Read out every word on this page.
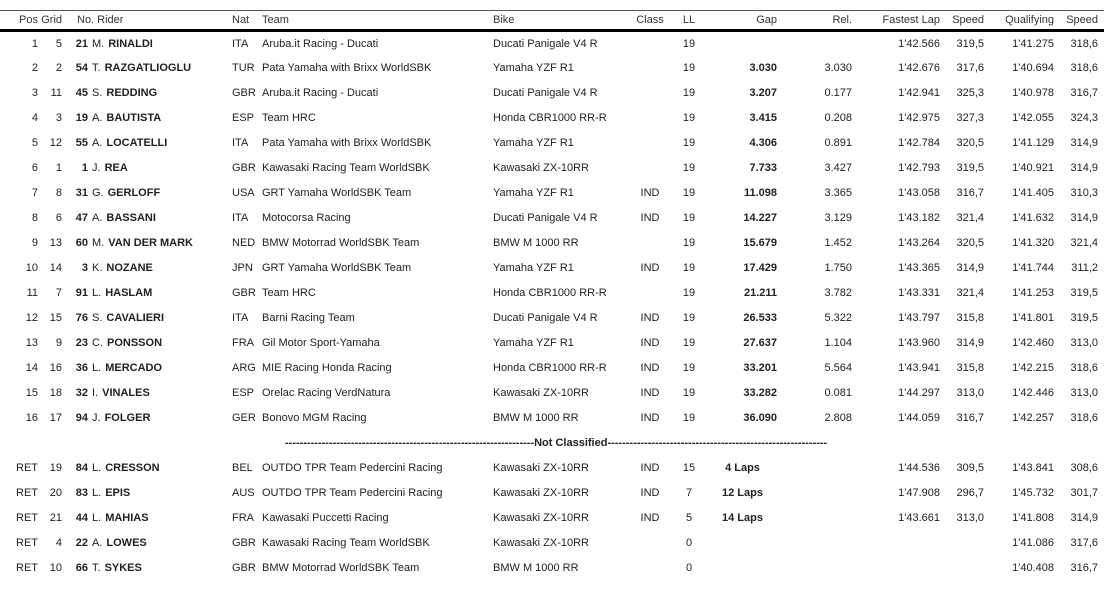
Pos	Grid	No. Rider	Nat	Team	Bike	Class	LL	Gap	Rel.	Fastest Lap	Speed	Qualifying	Speed
1	5	21 M. RINALDI	ITA	Aruba.it Racing - Ducati	Ducati Panigale V4 R		19			1'42.566	319,5	1'41.275	318,6
2	2	54 T. RAZGATLIOGLU	TUR	Pata Yamaha with Brixx WorldSBK	Yamaha YZF R1		19	3.030	3.030	1'42.676	317,6	1'40.694	318,6
3	11	45 S. REDDING	GBR	Aruba.it Racing - Ducati	Ducati Panigale V4 R		19	3.207	0.177	1'42.941	325,3	1'40.978	316,7
4	3	19 A. BAUTISTA	ESP	Team HRC	Honda CBR1000 RR-R		19	3.415	0.208	1'42.975	327,3	1'42.055	324,3
5	12	55 A. LOCATELLI	ITA	Pata Yamaha with Brixx WorldSBK	Yamaha YZF R1		19	4.306	0.891	1'42.784	320,5	1'41.129	314,9
6	1	1 J. REA	GBR	Kawasaki Racing Team WorldSBK	Kawasaki ZX-10RR		19	7.733	3.427	1'42.793	319,5	1'40.921	314,9
7	8	31 G. GERLOFF	USA	GRT Yamaha WorldSBK Team	Yamaha YZF R1	IND	19	11.098	3.365	1'43.058	316,7	1'41.405	310,3
8	6	47 A. BASSANI	ITA	Motocorsa Racing	Ducati Panigale V4 R	IND	19	14.227	3.129	1'43.182	321,4	1'41.632	314,9
9	13	60 M. VAN DER MARK	NED	BMW Motorrad WorldSBK Team	BMW M 1000 RR		19	15.679	1.452	1'43.264	320,5	1'41.320	321,4
10	14	3 K. NOZANE	JPN	GRT Yamaha WorldSBK Team	Yamaha YZF R1	IND	19	17.429	1.750	1'43.365	314,9	1'41.744	311,2
11	7	91 L. HASLAM	GBR	Team HRC	Honda CBR1000 RR-R		19	21.211	3.782	1'43.331	321,4	1'41.253	319,5
12	15	76 S. CAVALIERI	ITA	Barni Racing Team	Ducati Panigale V4 R	IND	19	26.533	5.322	1'43.797	315,8	1'41.801	319,5
13	9	23 C. PONSSON	FRA	Gil Motor Sport-Yamaha	Yamaha YZF R1	IND	19	27.637	1.104	1'43.960	314,9	1'42.460	313,0
14	16	36 L. MERCADO	ARG	MIE Racing Honda Racing	Honda CBR1000 RR-R	IND	19	33.201	5.564	1'43.941	315,8	1'42.215	318,6
15	18	32 I. VINALES	ESP	Orelac Racing VerdNatura	Kawasaki ZX-10RR	IND	19	33.282	0.081	1'44.297	313,0	1'42.446	313,0
16	17	94 J. FOLGER	GER	Bonovo MGM Racing	BMW M 1000 RR	IND	19	36.090	2.808	1'44.059	316,7	1'42.257	318,6

--------------------------------------------------------------------Not Classified------------------------------------------------------------													

RET	19	84 L. CRESSON	BEL	OUTDO TPR Team Pedercini Racing	Kawasaki ZX-10RR	IND	15	4 Laps		1'44.536	309,5	1'43.841	308,6
RET	20	83 L. EPIS	AUS	OUTDO TPR Team Pedercini Racing	Kawasaki ZX-10RR	IND	7	12 Laps		1'47.908	296,7	1'45.732	301,7
RET	21	44 L. MAHIAS	FRA	Kawasaki Puccetti Racing	Kawasaki ZX-10RR	IND	5	14 Laps		1'43.661	313,0	1'41.808	314,9
RET	4	22 A. LOWES	GBR	Kawasaki Racing Team WorldSBK	Kawasaki ZX-10RR		0					1'41.086	317,6
RET	10	66 T. SYKES	GBR	BMW Motorrad WorldSBK Team	BMW M 1000 RR		0					1'40.408	316,7
